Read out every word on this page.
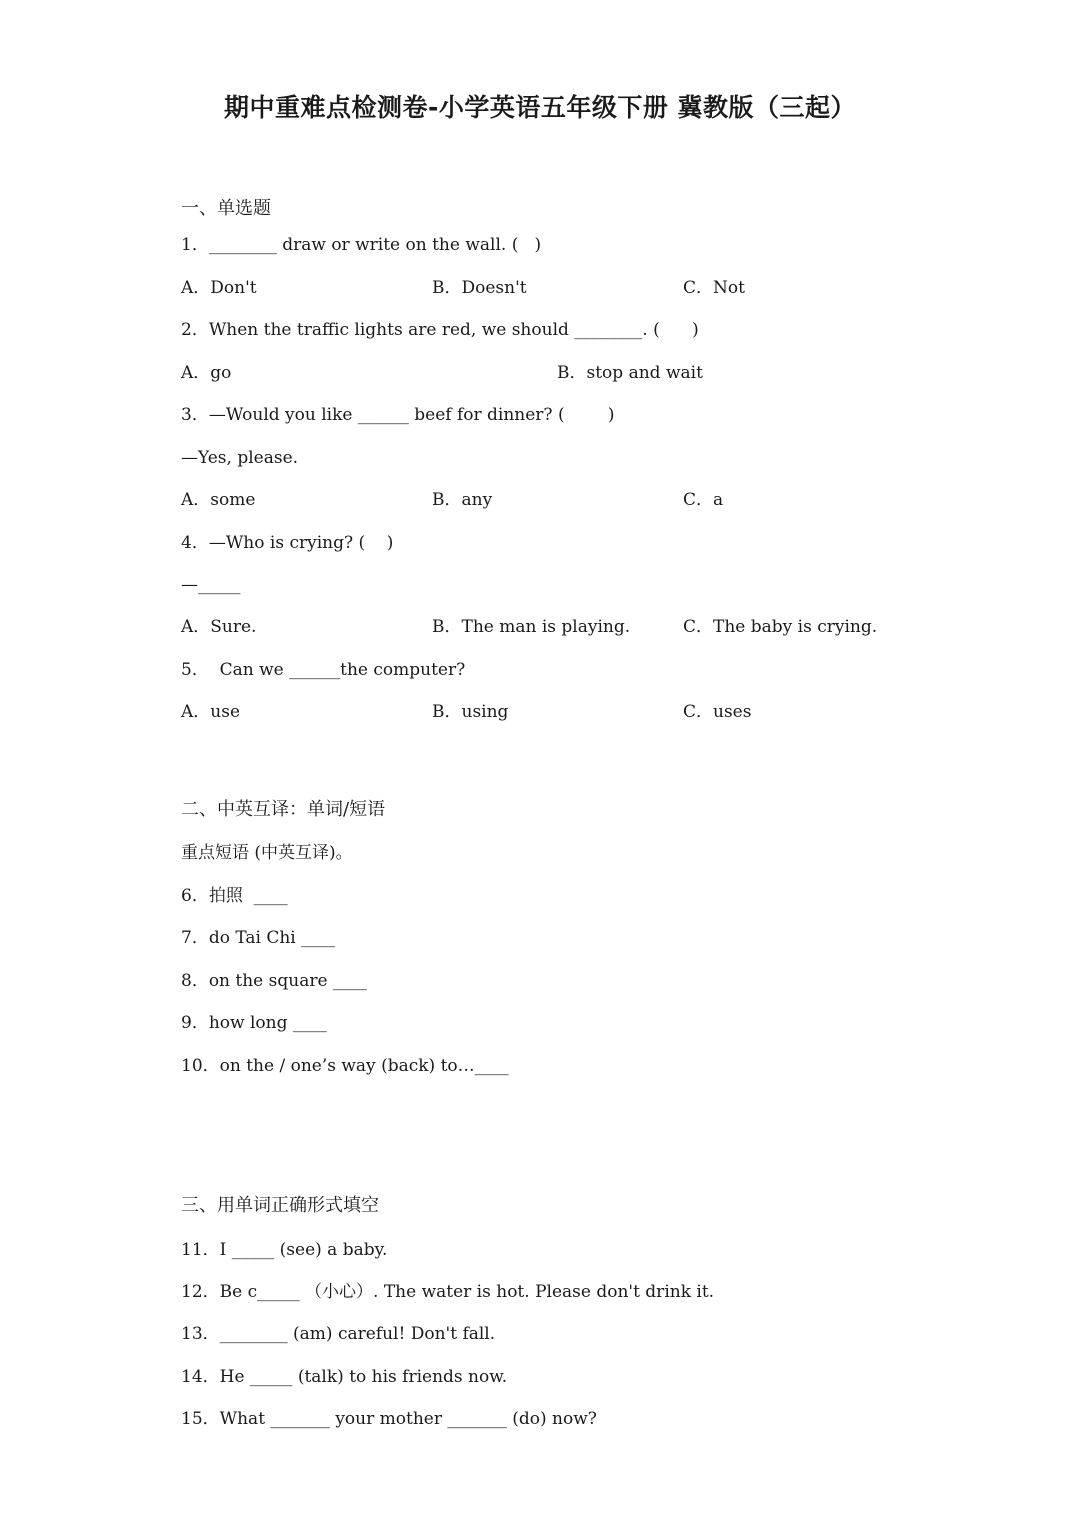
期中重难点检测卷-小学英语五年级下册 冀教版（三起）
一、单选题
1．________ draw or write on the wall. (   )
A．Don't	B．Doesn't	C．Not
2．When the traffic lights are red, we should ________. (      )
A．go	B．stop and wait
3．—Would you like ______ beef for dinner? (        )
—Yes, please.
A．some	B．any	C．a
4．—Who is crying? (    )
—_____
A．Sure.	B．The man is playing.	C．The baby is crying.
5．  Can we ______the computer?
A．use	B．using	C．uses
二、中英互译：单词/短语
重点短语 (中英互译)。
6．拍照  ____
7．do Tai Chi ____
8．on the square ____
9．how long ____
10．on the / one’s way (back) to…____
三、用单词正确形式填空
11．I _____ (see) a baby.
12．Be c_____ （小心）. The water is hot. Please don't drink it.
13．________ (am) careful! Don't fall.
14．He _____ (talk) to his friends now.
15．What _______ your mother _______ (do) now?
